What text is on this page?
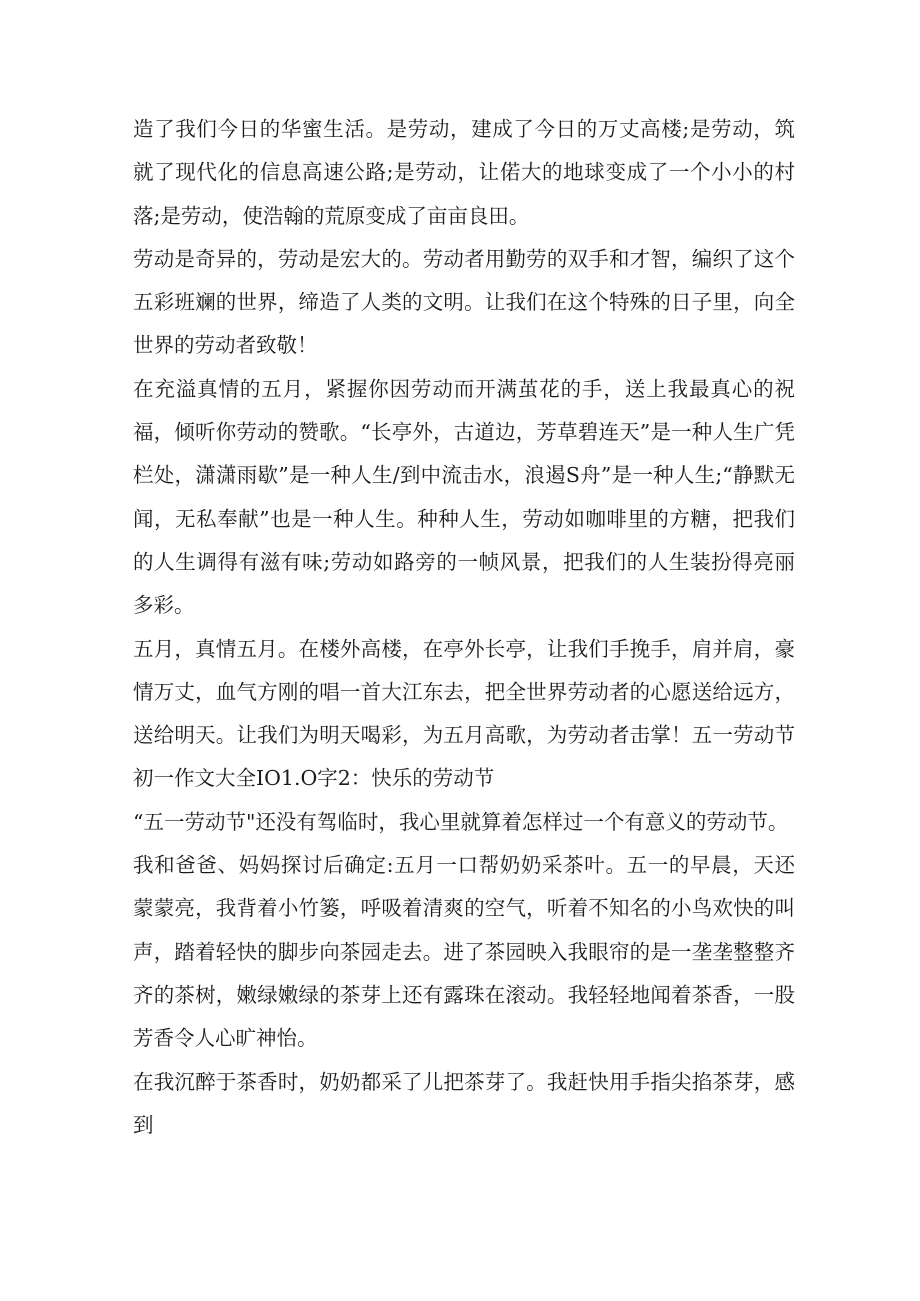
造了我们今日的华蜜生活。是劳动，建成了今日的万丈高楼;是劳动，筑就了现代化的信息高速公路;是劳动，让偌大的地球变成了一个小小的村落;是劳动，使浩翰的荒原变成了亩亩良田。

劳动是奇异的，劳动是宏大的。劳动者用勤劳的双手和才智，编织了这个五彩班斓的世界，缔造了人类的文明。让我们在这个特殊的日子里，向全世界的劳动者致敬！

在充溢真情的五月，紧握你因劳动而开满茧花的手，送上我最真心的祝福，倾听你劳动的赞歌。“长亭外，古道边，芳草碧连天”是一种人生广凭栏处，潇潇雨歇”是一种人生/到中流击水，浪遏S舟”是一种人生;“静默无闻，无私奉献”也是一种人生。种种人生，劳动如咖啡里的方糖，把我们的人生调得有滋有味;劳动如路旁的一帧风景，把我们的人生装扮得亮丽多彩。

五月，真情五月。在楼外高楼，在亭外长亭，让我们手挽手，肩并肩，豪情万丈，血气方刚的唱一首大江东去，把全世界劳动者的心愿送给远方，送给明天。让我们为明天喝彩，为五月高歌，为劳动者击掌！五一劳动节初一作文大全IO1.O字2：快乐的劳动节

“五一劳动节"还没有驾临时，我心里就算着怎样过一个有意义的劳动节。

我和爸爸、妈妈探讨后确定:五月一口帮奶奶采茶叶。五一的早晨，天还蒙蒙亮，我背着小竹篓，呼吸着清爽的空气，听着不知名的小鸟欢快的叫声，踏着轻快的脚步向茶园走去。进了茶园映入我眼帘的是一垄垄整整齐齐的茶树，嫩绿嫩绿的茶芽上还有露珠在滚动。我轻轻地闻着茶香，一股芳香令人心旷神怡。

在我沉醉于茶香时，奶奶都采了儿把茶芽了。我赶快用手指尖掐茶芽，感到
